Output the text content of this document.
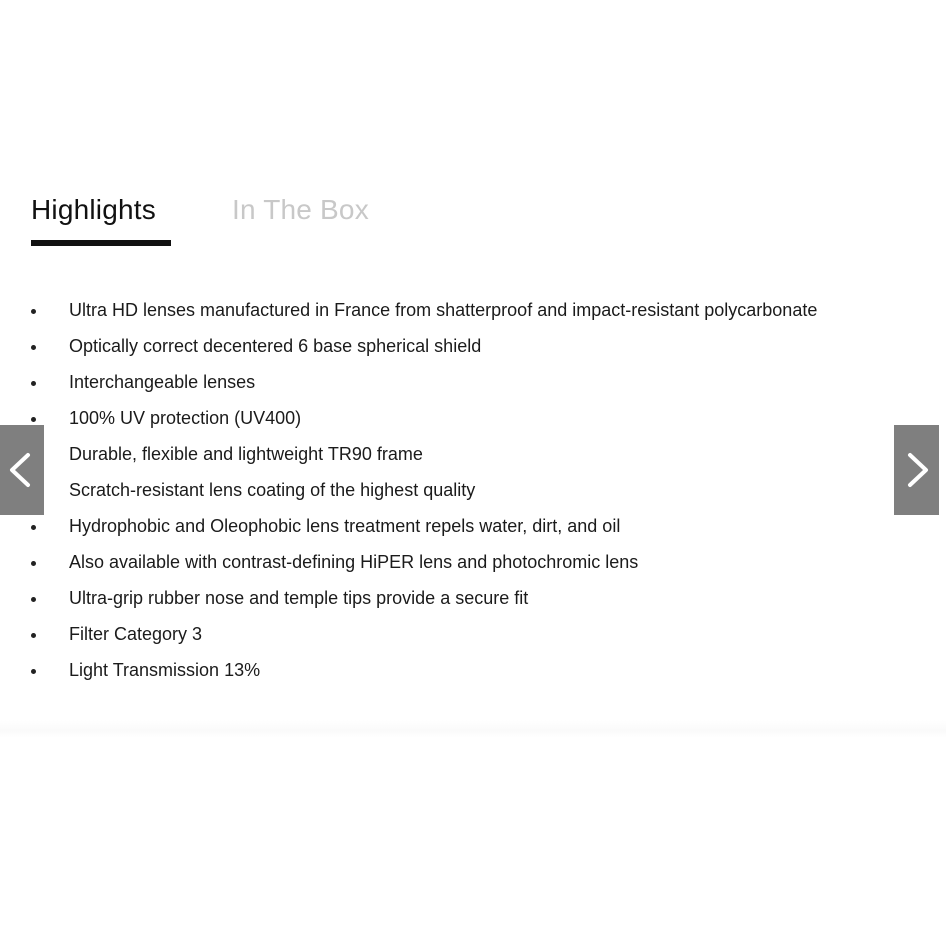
Highlights	In The Box
Ultra HD lenses manufactured in France from shatterproof and impact-resistant polycarbonate
Optically correct decentered 6 base spherical shield
Interchangeable lenses
100% UV protection (UV400)
Durable, flexible and lightweight TR90 frame
Scratch-resistant lens coating of the highest quality
Hydrophobic and Oleophobic lens treatment repels water, dirt, and oil
Also available with contrast-defining HiPER lens and photochromic lens
Ultra-grip rubber nose and temple tips provide a secure fit
Filter Category 3
Light Transmission 13%
